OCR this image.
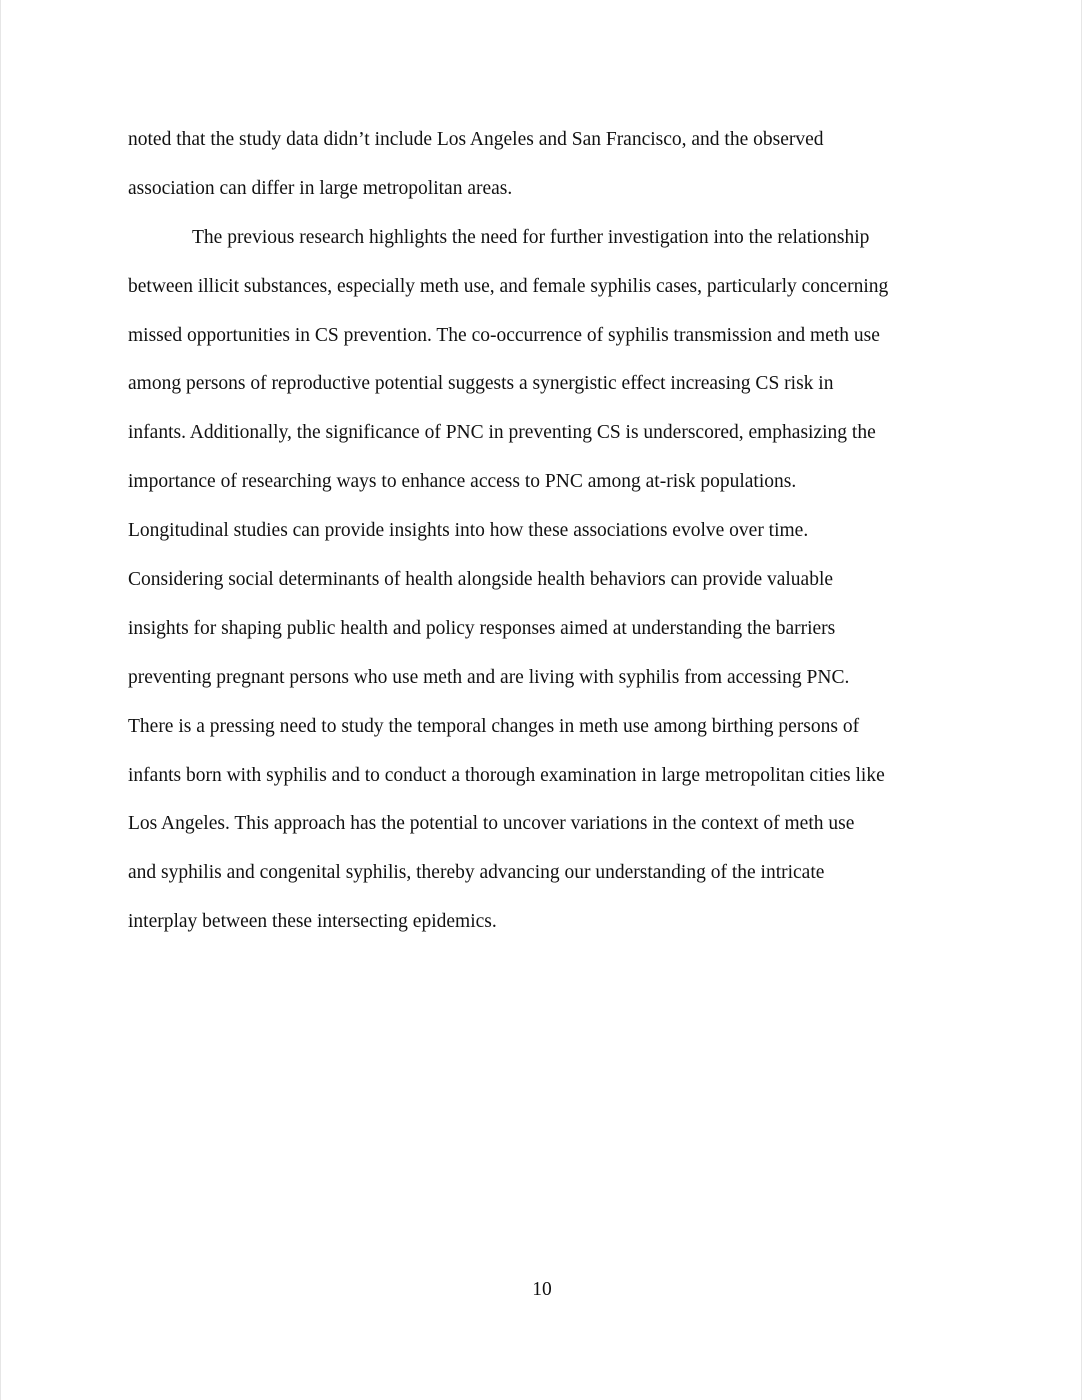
noted that the study data didn’t include Los Angeles and San Francisco, and the observed
association can differ in large metropolitan areas.
The previous research highlights the need for further investigation into the relationship
between illicit substances, especially meth use, and female syphilis cases, particularly concerning
missed opportunities in CS prevention. The co-occurrence of syphilis transmission and meth use
among persons of reproductive potential suggests a synergistic effect increasing CS risk in
infants. Additionally, the significance of PNC in preventing CS is underscored, emphasizing the
importance of researching ways to enhance access to PNC among at-risk populations.
Longitudinal studies can provide insights into how these associations evolve over time.
Considering social determinants of health alongside health behaviors can provide valuable
insights for shaping public health and policy responses aimed at understanding the barriers
preventing pregnant persons who use meth and are living with syphilis from accessing PNC.
There is a pressing need to study the temporal changes in meth use among birthing persons of
infants born with syphilis and to conduct a thorough examination in large metropolitan cities like
Los Angeles. This approach has the potential to uncover variations in the context of meth use
and syphilis and congenital syphilis, thereby advancing our understanding of the intricate
interplay between these intersecting epidemics.
10
